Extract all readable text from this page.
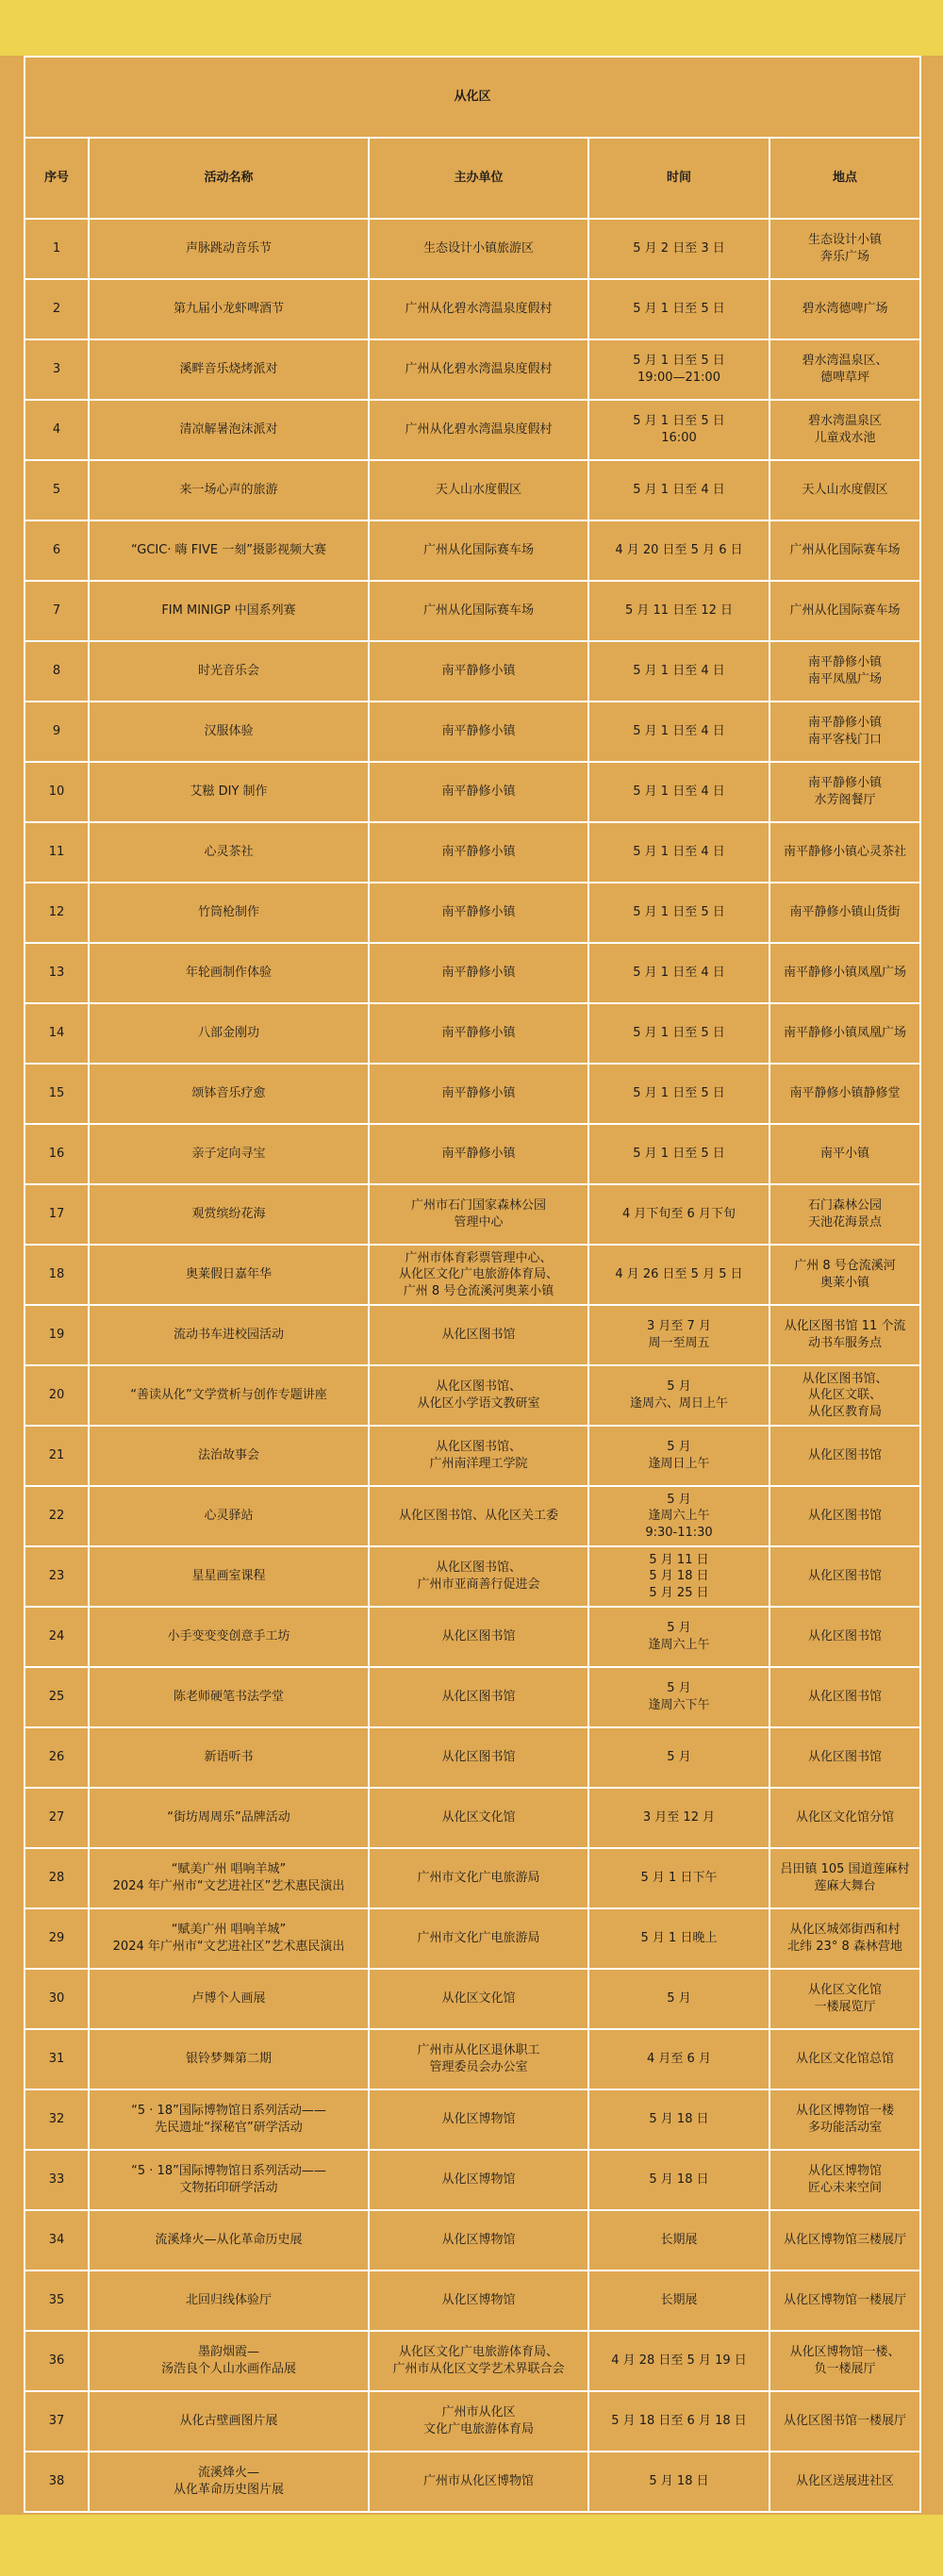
从化区				
序号	活动名称	主办单位	时间	地点
1	声脉跳动音乐节	生态设计小镇旅游区	5 月 2 日至 3 日	生态设计小镇
奔乐广场
2	第九届小龙虾啤酒节	广州从化碧水湾温泉度假村	5 月 1 日至 5 日	碧水湾德啤广场
3	溪畔音乐烧烤派对	广州从化碧水湾温泉度假村	5 月 1 日至 5 日
19:00—21:00	碧水湾温泉区、
德啤草坪
4	清凉解暑泡沫派对	广州从化碧水湾温泉度假村	5 月 1 日至 5 日
16:00	碧水湾温泉区
儿童戏水池
5	来一场心声的旅游	天人山水度假区	5 月 1 日至 4 日	天人山水度假区
6	“GCIC· 嗨 FIVE 一刻”摄影视频大赛	广州从化国际赛车场	4 月 20 日至 5 月 6 日	广州从化国际赛车场
7	FIM MINIGP 中国系列赛	广州从化国际赛车场	5 月 11 日至 12 日	广州从化国际赛车场
8	时光音乐会	南平静修小镇	5 月 1 日至 4 日	南平静修小镇
南平凤凰广场
9	汉服体验	南平静修小镇	5 月 1 日至 4 日	南平静修小镇
南平客栈门口
10	艾糍 DIY 制作	南平静修小镇	5 月 1 日至 4 日	南平静修小镇
水芳阁餐厅
11	心灵茶社	南平静修小镇	5 月 1 日至 4 日	南平静修小镇心灵茶社
12	竹筒枪制作	南平静修小镇	5 月 1 日至 5 日	南平静修小镇山货街
13	年轮画制作体验	南平静修小镇	5 月 1 日至 4 日	南平静修小镇凤凰广场
14	八部金刚功	南平静修小镇	5 月 1 日至 5 日	南平静修小镇凤凰广场
15	颂钵音乐疗愈	南平静修小镇	5 月 1 日至 5 日	南平静修小镇静修堂
16	亲子定向寻宝	南平静修小镇	5 月 1 日至 5 日	南平小镇
17	观赏缤纷花海	广州市石门国家森林公园
管理中心	4 月下旬至 6 月下旬	石门森林公园
天池花海景点
18	奥莱假日嘉年华	广州市体育彩票管理中心、
从化区文化广电旅游体育局、
广州 8 号仓流溪河奥莱小镇	4 月 26 日至 5 月 5 日	广州 8 号仓流溪河
奥莱小镇
19	流动书车进校园活动	从化区图书馆	3 月至 7 月
周一至周五	从化区图书馆 11 个流
动书车服务点
20	“善读从化”文学赏析与创作专题讲座	从化区图书馆、
从化区小学语文教研室	5 月
逢周六、周日上午	从化区图书馆、
从化区文联、
从化区教育局
21	法治故事会	从化区图书馆、
广州南洋理工学院	5 月
逢周日上午	从化区图书馆
22	心灵驿站	从化区图书馆、从化区关工委	5 月
逢周六上午
9:30-11:30	从化区图书馆
23	星星画室课程	从化区图书馆、
广州市亚商善行促进会	5 月 11 日
5 月 18 日
5 月 25 日	从化区图书馆
24	小手变变变创意手工坊	从化区图书馆	5 月
逢周六上午	从化区图书馆
25	陈老师硬笔书法学堂	从化区图书馆	5 月
逢周六下午	从化区图书馆
26	新语听书	从化区图书馆	5 月	从化区图书馆
27	“街坊周周乐”品牌活动	从化区文化馆	3 月至 12 月	从化区文化馆分馆
28	“赋美广州 唱响羊城”
2024 年广州市“文艺进社区”艺术惠民演出	广州市文化广电旅游局	5 月 1 日下午	吕田镇 105 国道莲麻村
莲麻大舞台
29	“赋美广州 唱响羊城”
2024 年广州市“文艺进社区”艺术惠民演出	广州市文化广电旅游局	5 月 1 日晚上	从化区城郊街西和村
北纬 23° 8 森林营地
30	卢博个人画展	从化区文化馆	5 月	从化区文化馆
一楼展览厅
31	银铃梦舞第二期	广州市从化区退休职工
管理委员会办公室	4 月至 6 月	从化区文化馆总馆
32	“5 · 18”国际博物馆日系列活动——
先民遗址“探秘官”研学活动	从化区博物馆	5 月 18 日	从化区博物馆一楼
多功能活动室
33	“5 · 18”国际博物馆日系列活动——
文物拓印研学活动	从化区博物馆	5 月 18 日	从化区博物馆
匠心未来空间
34	流溪烽火—从化革命历史展	从化区博物馆	长期展	从化区博物馆三楼展厅
35	北回归线体验厅	从化区博物馆	长期展	从化区博物馆一楼展厅
36	墨韵烟霞—
汤浩良个人山水画作品展	从化区文化广电旅游体育局、
广州市从化区文学艺术界联合会	4 月 28 日至 5 月 19 日	从化区博物馆一楼、
负一楼展厅
37	从化古壁画图片展	广州市从化区
文化广电旅游体育局	5 月 18 日至 6 月 18 日	从化区图书馆一楼展厅
38	流溪烽火—
从化革命历史图片展	广州市从化区博物馆	5 月 18 日	从化区送展进社区
